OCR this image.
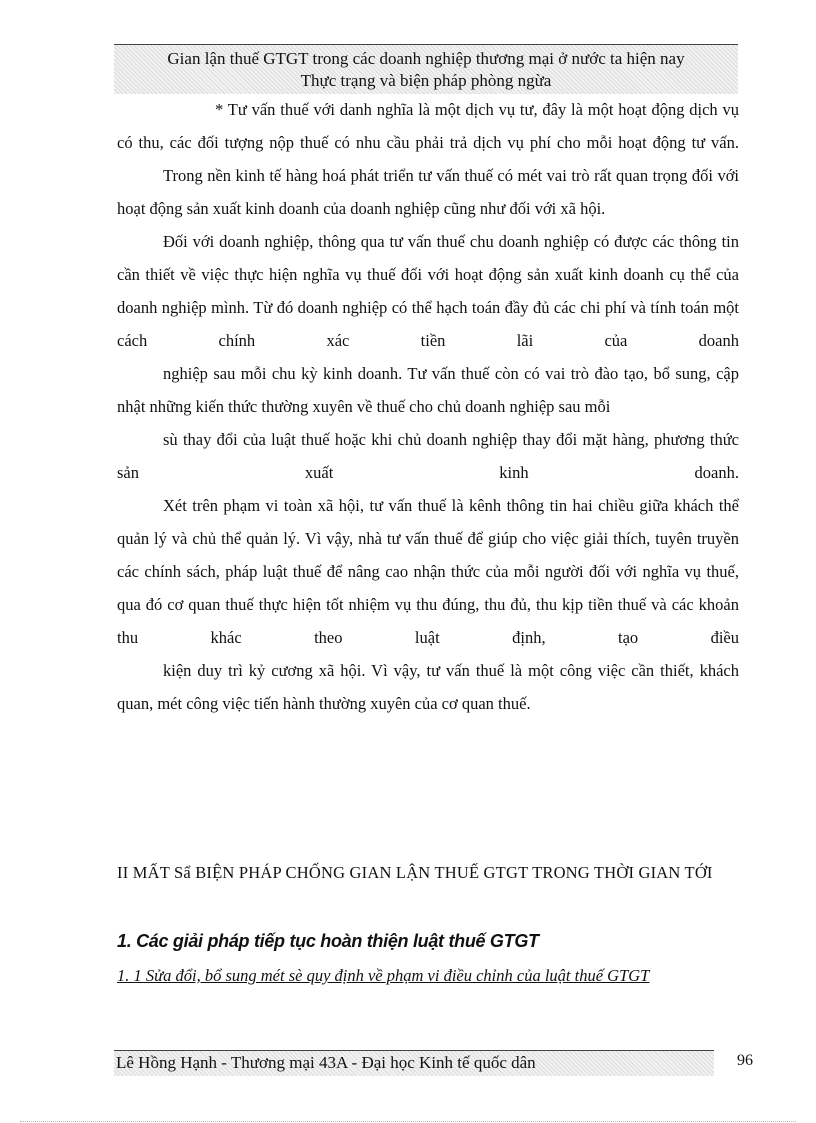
Gian lận thuế GTGT trong các doanh nghiệp thương mại ở nước ta hiện nay
Thực trạng và biện pháp phòng ngừa

* Tư vấn thuế với danh nghĩa là một dịch vụ tư, đây là một hoạt động dịch vụ có thu, các đối tượng nộp thuế có nhu cầu phải trả dịch vụ phí cho mỗi hoạt động tư vấn.

Trong nền kinh tế hàng hoá phát triển tư vấn thuế có mét vai trò rất quan trọng đối với hoạt động sản xuất kinh doanh của doanh nghiệp cũng như đối với xã hội.

Đối với doanh nghiệp, thông qua tư vấn thuế chu doanh nghiệp có được các thông tin cần thiết về việc thực hiện nghĩa vụ thuế đối với hoạt động sản xuất kinh doanh cụ thể của doanh nghiệp mình. Từ đó doanh nghiệp có thể hạch toán đầy đủ các chi phí và tính toán một cách chính xác tiền lãi của doanh

nghiệp sau mỗi chu kỳ kinh doanh. Tư vấn thuế còn có vai trò đào tạo, bổ sung, cập nhật những kiến thức thường xuyên về thuế cho chủ doanh nghiệp sau mỗi

sù thay đổi của luật thuế hoặc khi chủ doanh nghiệp thay đổi mặt hàng, phương thức sản xuất kinh doanh.

Xét trên phạm vi toàn xã hội, tư vấn thuế là kênh thông tin hai chiều giữa khách thể quản lý và chủ thể quản lý. Vì vậy, nhà tư vấn thuế để giúp cho việc giải thích, tuyên truyền các chính sách, pháp luật thuế để nâng cao nhận thức của mỗi người đối với nghĩa vụ thuế, qua đó cơ quan thuế thực hiện tốt nhiệm vụ thu đúng, thu đủ, thu kịp tiền thuế và các khoản thu khác theo luật định, tạo điều

kiện duy trì kỷ cương xã hội. Vì vậy, tư vấn thuế là một công việc cần thiết, khách quan, mét công việc tiến hành thường xuyên của cơ quan thuế.

II MẤT Sẩ BIỆN PHÁP CHỐNG GIAN LẬN THUẾ GTGT TRONG THỜI GIAN TỚI
1. Các giải pháp tiếp tục hoàn thiện luật thuế GTGT
1. 1 Sửa đổi, bổ sung mét sè quy định về phạm vi điều chỉnh của luật thuế GTGT
Lê Hồng Hạnh - Thương mại 43A - Đại học Kinh tế quốc dân	96
